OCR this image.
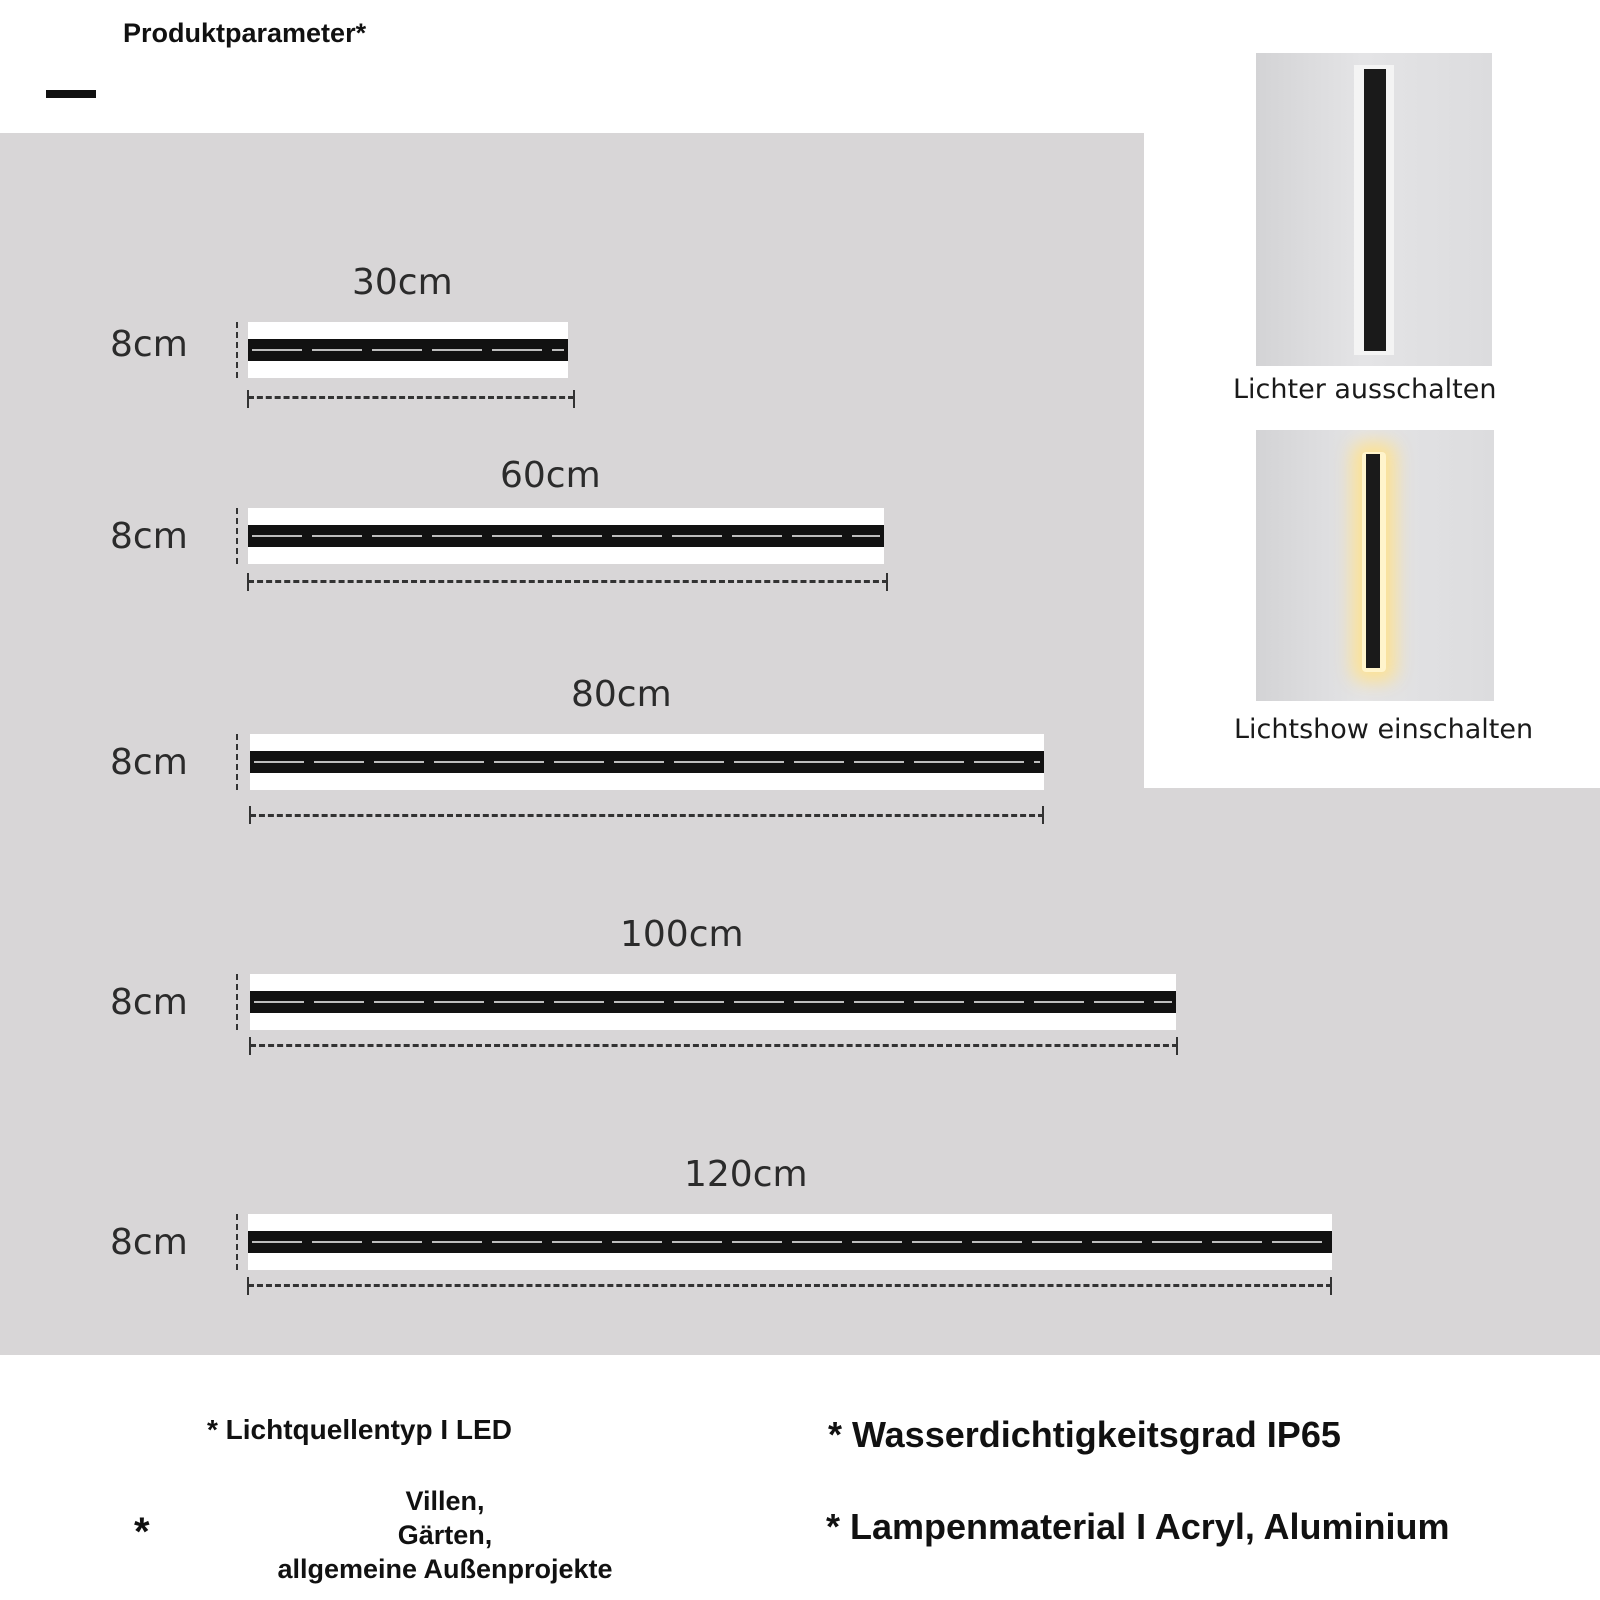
Produktparameter*
30cm
8cm
60cm
8cm
80cm
8cm
100cm
8cm
120cm
8cm
Lichter ausschalten
Lichtshow einschalten
* Lichtquellentyp I LED
*
Villen,
Gärten,
allgemeine Außenprojekte
* Wasserdichtigkeitsgrad IP65
* Lampenmaterial I Acryl, Aluminium
